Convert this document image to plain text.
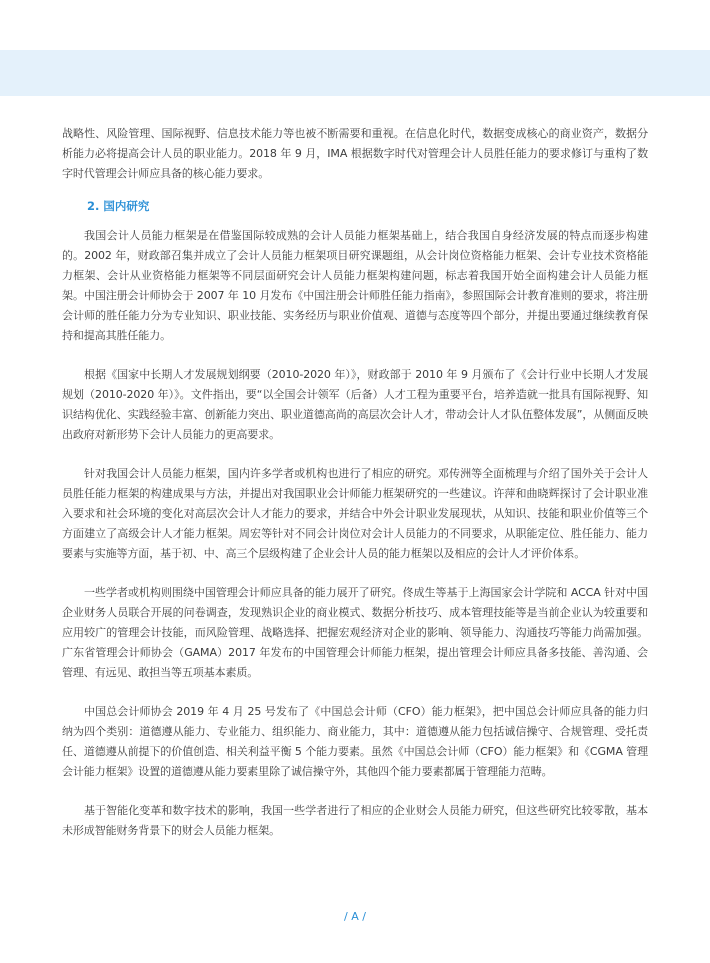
战略性、风险管理、国际视野、信息技术能力等也被不断需要和重视。在信息化时代，数据变成核心的商业资产，数据分析能力必将提高会计人员的职业能力。2018 年 9 月，IMA 根据数字时代对管理会计人员胜任能力的要求修订与重构了数字时代管理会计师应具备的核心能力要求。

2. 国内研究

我国会计人员能力框架是在借鉴国际较成熟的会计人员能力框架基础上，结合我国自身经济发展的特点而逐步构建的。2002 年，财政部召集并成立了会计人员能力框架项目研究课题组，从会计岗位资格能力框架、会计专业技术资格能力框架、会计从业资格能力框架等不同层面研究会计人员能力框架构建问题，标志着我国开始全面构建会计人员能力框架。中国注册会计师协会于 2007 年 10 月发布《中国注册会计师胜任能力指南》，参照国际会计教育准则的要求，将注册会计师的胜任能力分为专业知识、职业技能、实务经历与职业价值观、道德与态度等四个部分，并提出要通过继续教育保持和提高其胜任能力。

根据《国家中长期人才发展规划纲要（2010-2020 年）》，财政部于 2010 年 9 月颁布了《会计行业中长期人才发展规划（2010-2020 年）》。文件指出，要“以全国会计领军（后备）人才工程为重要平台，培养造就一批具有国际视野、知识结构优化、实践经验丰富、创新能力突出、职业道德高尚的高层次会计人才，带动会计人才队伍整体发展”，从侧面反映出政府对新形势下会计人员能力的更高要求。

针对我国会计人员能力框架，国内许多学者或机构也进行了相应的研究。邓传洲等全面梳理与介绍了国外关于会计人员胜任能力框架的构建成果与方法，并提出对我国职业会计师能力框架研究的一些建议。许萍和曲晓辉探讨了会计职业准入要求和社会环境的变化对高层次会计人才能力的要求，并结合中外会计职业发展现状，从知识、技能和职业价值等三个方面建立了高级会计人才能力框架。周宏等针对不同会计岗位对会计人员能力的不同要求，从职能定位、胜任能力、能力要素与实施等方面，基于初、中、高三个层级构建了企业会计人员的能力框架以及相应的会计人才评价体系。

一些学者或机构则围绕中国管理会计师应具备的能力展开了研究。佟成生等基于上海国家会计学院和 ACCA 针对中国企业财务人员联合开展的问卷调查，发现熟识企业的商业模式、数据分析技巧、成本管理技能等是当前企业认为较重要和应用较广的管理会计技能，而风险管理、战略选择、把握宏观经济对企业的影响、领导能力、沟通技巧等能力尚需加强。广东省管理会计师协会（GAMA）2017 年发布的中国管理会计师能力框架，提出管理会计师应具备多技能、善沟通、会管理、有远见、敢担当等五项基本素质。

中国总会计师协会 2019 年 4 月 25 号发布了《中国总会计师（CFO）能力框架》，把中国总会计师应具备的能力归纳为四个类别：道德遵从能力、专业能力、组织能力、商业能力，其中：道德遵从能力包括诚信操守、合规管理、受托责任、道德遵从前提下的价值创造、相关利益平衡 5 个能力要素。虽然《中国总会计师（CFO）能力框架》和《CGMA 管理会计能力框架》设置的道德遵从能力要素里除了诚信操守外，其他四个能力要素都属于管理能力范畴。

基于智能化变革和数字技术的影响，我国一些学者进行了相应的企业财会人员能力研究，但这些研究比较零散，基本未形成智能财务背景下的财会人员能力框架。

/ A /
